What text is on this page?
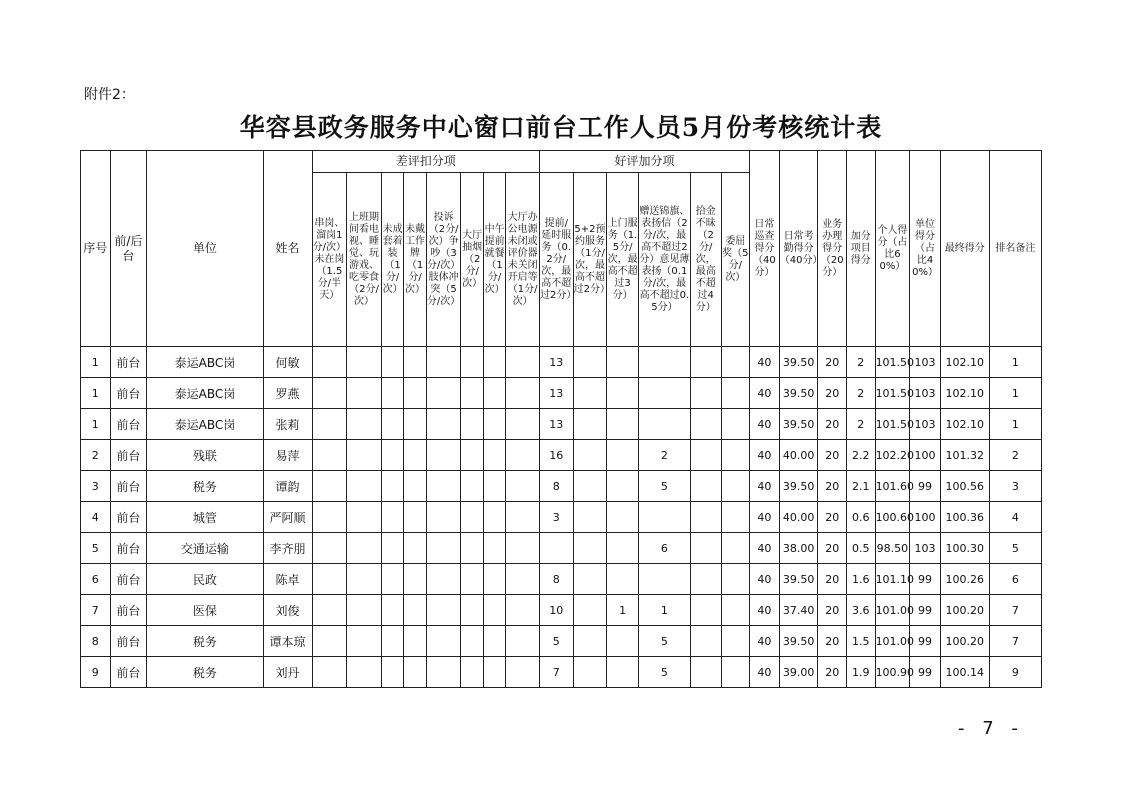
附件2：
华容县政务服务中心窗口前台工作人员5月份考核统计表
序号	前/后台	单位	姓名	差评扣分项								好评加分项						日常巡查得分（40分）	日常考勤得分（40分）	业务办理得分（20分）	加分项目得分	个人得分（占比60%）	单位得分（占比40%）	最终得分	排名备注
				串岗、溜岗1分/次）未在岗（1.5分/半天）	上班期间看电视、睡觉、玩游戏、吃零食（2分/次）	未成套着装（1分/次）	未戴工作牌（1分/次）	投诉（2分/次）争吵（3分/次）肢体冲突（5分/次）	大厅抽烟（2分/次）	中午提前就餐（1分/次）	大厅办公电源未闭或评价器未关闭开启等（1分/次）	提前/延时服务（0.2分/次，最高不超过2分）	5+2预约服务（1分/次，最高不超过2分）	上门服务（1.5分/次，最高不超过3分）	赠送锦旗、表扬信（2分/次，最高不超过2分）意见薄表扬（0.1分/次，最高不超过0.5分）	拾金不昧（2分/次，最高不超过4分）	委屈奖（5分/次）								
1	前台	泰运ABC岗	何敏									13						40	39.50	20	2	101.50	103	102.10	1
1	前台	泰运ABC岗	罗燕									13						40	39.50	20	2	101.50	103	102.10	1
1	前台	泰运ABC岗	张莉									13						40	39.50	20	2	101.50	103	102.10	1
2	前台	残联	易萍									16			2			40	40.00	20	2.2	102.20	100	101.32	2
3	前台	税务	谭韵									8			5			40	39.50	20	2.1	101.60	99	100.56	3
4	前台	城管	严阿顺									3						40	40.00	20	0.6	100.60	100	100.36	4
5	前台	交通运输	李齐朋												6			40	38.00	20	0.5	98.50	103	100.30	5
6	前台	民政	陈卓									8						40	39.50	20	1.6	101.10	99	100.26	6
7	前台	医保	刘俊									10		1	1			40	37.40	20	3.6	101.00	99	100.20	7
8	前台	税务	谭本琼									5			5			40	39.50	20	1.5	101.00	99	100.20	7
9	前台	税务	刘丹									7			5			40	39.00	20	1.9	100.90	99	100.14	9
- 7 -
